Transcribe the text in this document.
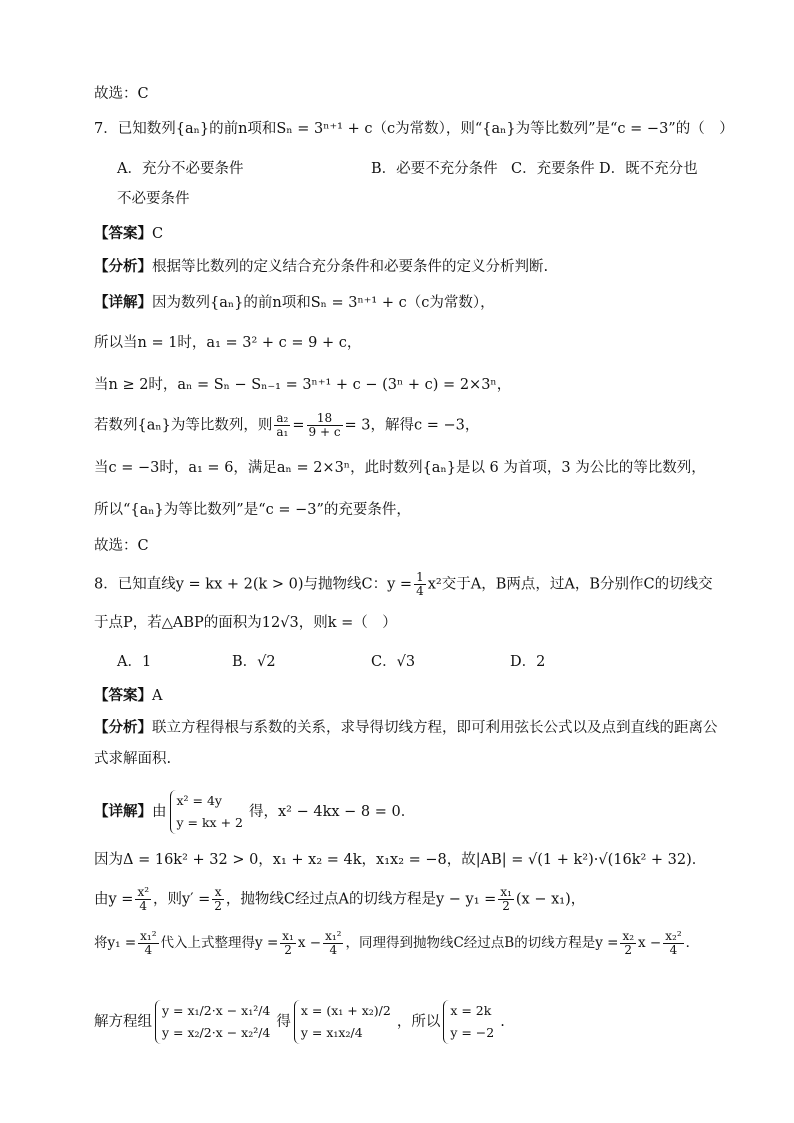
故选：C
7．已知数列{aₙ}的前n项和Sₙ = 3ⁿ⁺¹ + c（c为常数），则“{aₙ}为等比数列”是“c = −3”的（　）
A．充分不必要条件	B．必要不充分条件 C．充要条件 D．既不充分也
不必要条件
【答案】C
【分析】根据等比数列的定义结合充分条件和必要条件的定义分析判断.
【详解】因为数列{aₙ}的前n项和Sₙ = 3ⁿ⁺¹ + c（c为常数），
所以当n = 1时，a₁ = 3² + c = 9 + c，
当n ≥ 2时，aₙ = Sₙ − Sₙ₋₁ = 3ⁿ⁺¹ + c − (3ⁿ + c) = 2×3ⁿ，
若数列{aₙ}为等比数列，则 $\frac{\text{a₂}}{\text{a₁}} = \frac{18}{9 + c} = 3$，解得c = −3，
当c = −3时，a₁ = 6，满足aₙ = 2×3ⁿ，此时数列{aₙ}是以 6 为首项，3 为公比的等比数列，
所以“{aₙ}为等比数列”是“c = −3”的充要条件，
故选：C
8．已知直线y = kx + 2(k > 0)与抛物线C：$y = \frac{1}{4} x^2$交于A，B两点，过A，B分别作C的切线交
于点P，若△ABP的面积为12√3，则k =（　）
A．1	B．√2	C．√3	D．2
【答案】A
【分析】联立方程得根与系数的关系，求导得切线方程，即可利用弦长公式以及点到直线的距离公
式求解面积.
【详解】由
x² = 4y
y = kx + 2
得，x² − 4kx − 8 = 0．
因为Δ = 16k² + 32 > 0，x₁ + x₂ = 4k，x₁x₂ = −8，故|AB| = √(1 + k²)·√(16k² + 32)．
由$y = \frac{\text{x²}}{4}$ ，则$y' = \frac{x}{2}$ ，抛物线C经过点A的切线方程是$y - y_1 = \frac{\text{x₁}}{2} (x - x_1)$，
将$y_1 = \frac{\text{x₁²}}{4}$ 代入上式整理得$y = \frac{\text{x₁}}{2}$ $x - \frac{\text{x₁²}}{4}$ ，同理得到抛物线C经过点B的切线方程是$y = \frac{\text{x₂}}{2}$ $x - \frac{\text{x₂²}}{4}$ ．
解方程组
y = x₁/2·x − x₁²/4
y = x₂/2·x − x₂²/4
得
x = (x₁ + x₂)/2
y = x₁x₂/4
，所以
x = 2k
y = −2
.
